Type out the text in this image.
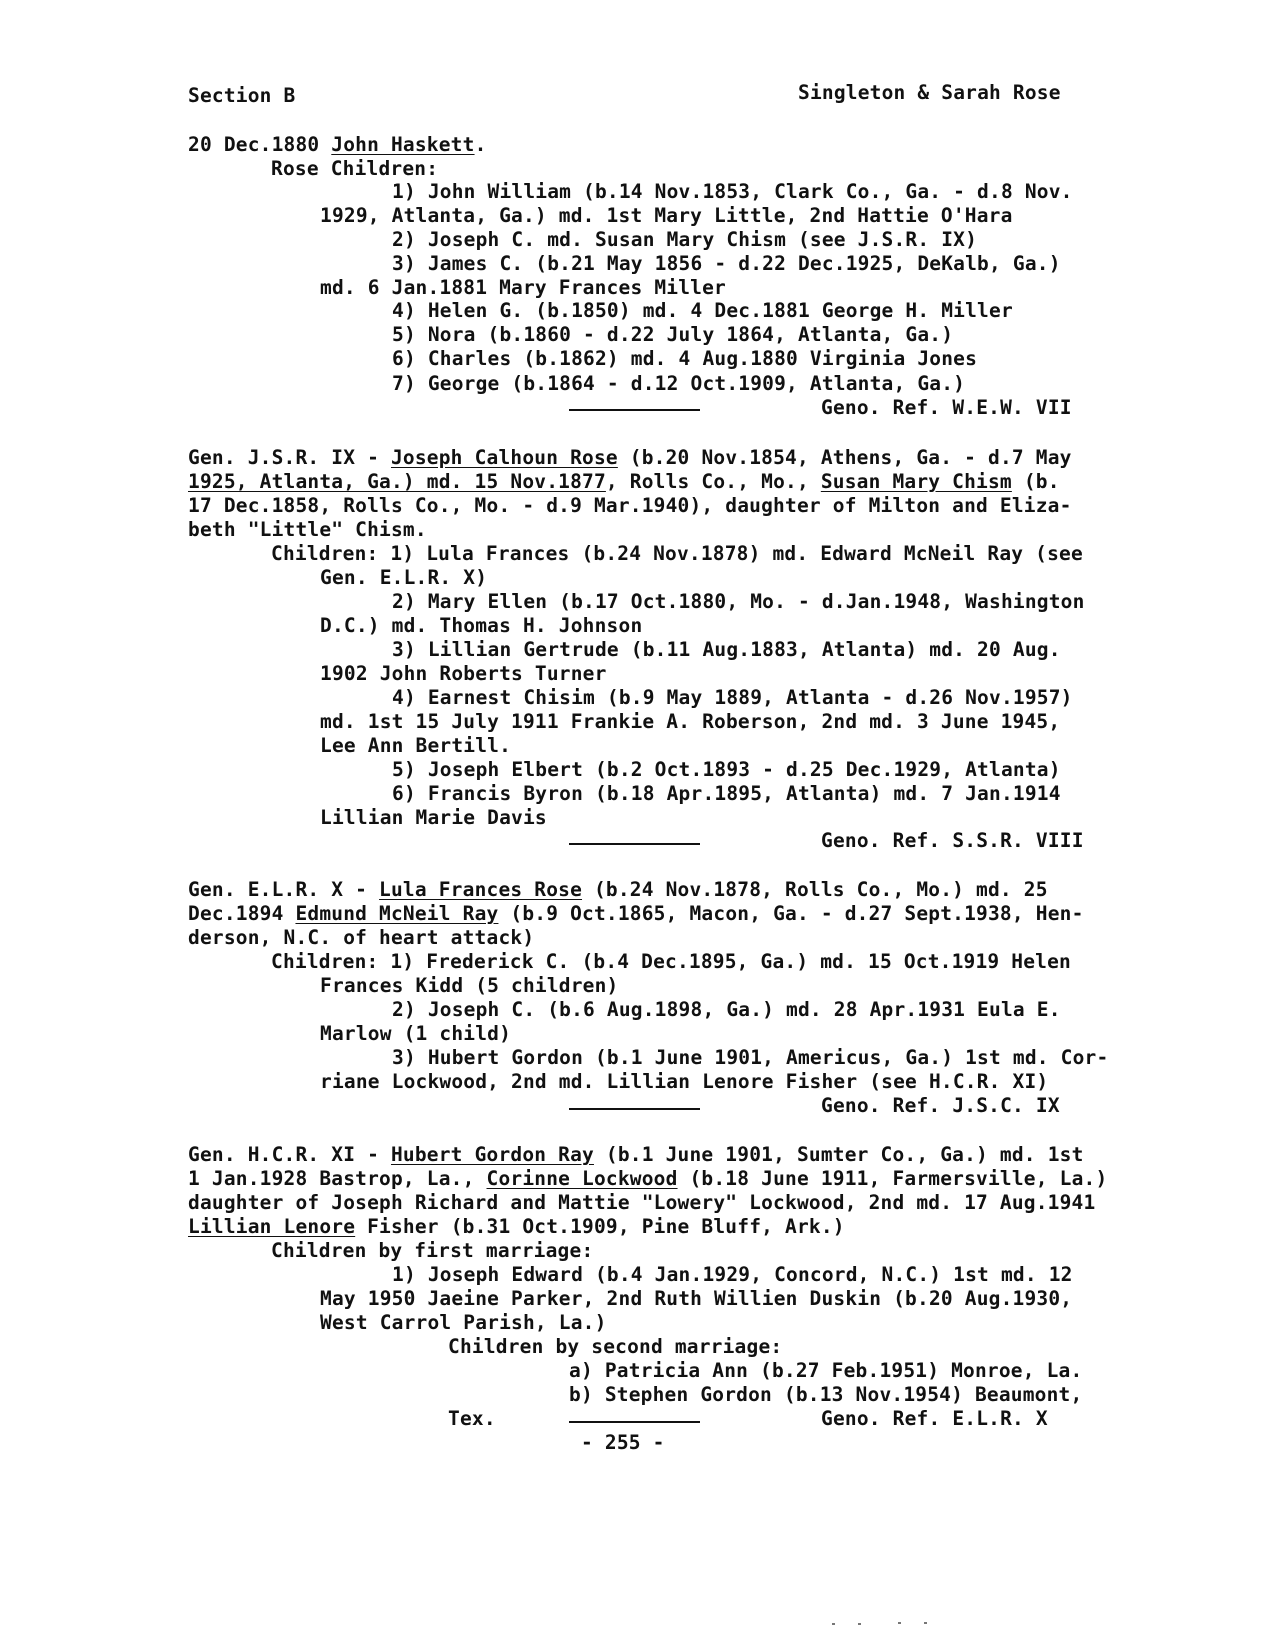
Section B	Singleton & Sarah Rose
20 Dec.1880 John Haskett.
Rose Children:
1) John William (b.14 Nov.1853, Clark Co., Ga. - d.8 Nov.
1929, Atlanta, Ga.) md. 1st Mary Little, 2nd Hattie O'Hara
2) Joseph C. md. Susan Mary Chism (see J.S.R. IX)
3) James C. (b.21 May 1856 - d.22 Dec.1925, DeKalb, Ga.)
md. 6 Jan.1881 Mary Frances Miller
4) Helen G. (b.1850) md. 4 Dec.1881 George H. Miller
5) Nora (b.1860 - d.22 July 1864, Atlanta, Ga.)
6) Charles (b.1862) md. 4 Aug.1880 Virginia Jones
7) George (b.1864 - d.12 Oct.1909, Atlanta, Ga.)
Geno. Ref. W.E.W. VII
Gen. J.S.R. IX - Joseph Calhoun Rose (b.20 Nov.1854, Athens, Ga. - d.7 May
1925, Atlanta, Ga.) md. 15 Nov.1877, Rolls Co., Mo., Susan Mary Chism (b.
17 Dec.1858, Rolls Co., Mo. - d.9 Mar.1940), daughter of Milton and Eliza-
beth "Little" Chism.
Children: 1) Lula Frances (b.24 Nov.1878) md. Edward McNeil Ray (see
Gen. E.L.R. X)
2) Mary Ellen (b.17 Oct.1880, Mo. - d.Jan.1948, Washington
D.C.) md. Thomas H. Johnson
3) Lillian Gertrude (b.11 Aug.1883, Atlanta) md. 20 Aug.
1902 John Roberts Turner
4) Earnest Chisim (b.9 May 1889, Atlanta - d.26 Nov.1957)
md. 1st 15 July 1911 Frankie A. Roberson, 2nd md. 3 June 1945,
Lee Ann Bertill.
5) Joseph Elbert (b.2 Oct.1893 - d.25 Dec.1929, Atlanta)
6) Francis Byron (b.18 Apr.1895, Atlanta) md. 7 Jan.1914
Lillian Marie Davis
Geno. Ref. S.S.R. VIII
Gen. E.L.R. X - Lula Frances Rose (b.24 Nov.1878, Rolls Co., Mo.) md. 25
Dec.1894 Edmund McNeil Ray (b.9 Oct.1865, Macon, Ga. - d.27 Sept.1938, Hen-
derson, N.C. of heart attack)
Children: 1) Frederick C. (b.4 Dec.1895, Ga.) md. 15 Oct.1919 Helen
Frances Kidd (5 children)
2) Joseph C. (b.6 Aug.1898, Ga.) md. 28 Apr.1931 Eula E.
Marlow (1 child)
3) Hubert Gordon (b.1 June 1901, Americus, Ga.) 1st md. Cor-
riane Lockwood, 2nd md. Lillian Lenore Fisher (see H.C.R. XI)
Geno. Ref. J.S.C. IX
Gen. H.C.R. XI - Hubert Gordon Ray (b.1 June 1901, Sumter Co., Ga.) md. 1st
1 Jan.1928 Bastrop, La., Corinne Lockwood (b.18 June 1911, Farmersville, La.)
daughter of Joseph Richard and Mattie "Lowery" Lockwood, 2nd md. 17 Aug.1941
Lillian Lenore Fisher (b.31 Oct.1909, Pine Bluff, Ark.)
Children by first marriage:
1) Joseph Edward (b.4 Jan.1929, Concord, N.C.) 1st md. 12
May 1950 Jaeine Parker, 2nd Ruth Willien Duskin (b.20 Aug.1930,
West Carrol Parish, La.)
Children by second marriage:
a) Patricia Ann (b.27 Feb.1951) Monroe, La.
b) Stephen Gordon (b.13 Nov.1954) Beaumont,
Tex.	Geno. Ref. E.L.R. X
- 255 -
